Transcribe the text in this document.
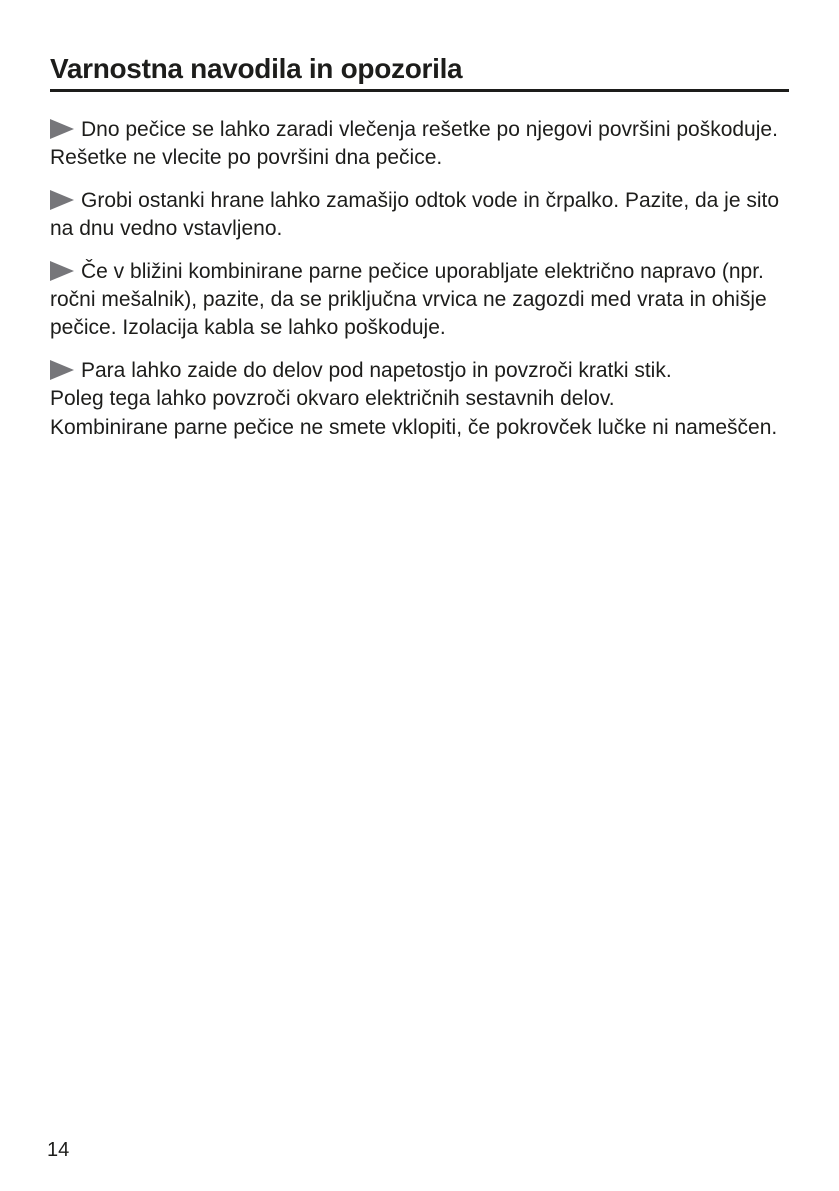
Varnostna navodila in opozorila

Dno pečice se lahko zaradi vlečenja rešetke po njegovi površini poškoduje.
Rešetke ne vlecite po površini dna pečice.

Grobi ostanki hrane lahko zamašijo odtok vode in črpalko. Pazite, da je sito na dnu vedno vstavljeno.

Če v bližini kombinirane parne pečice uporabljate električno napravo (npr. ročni mešalnik), pazite, da se priključna vrvica ne zagozdi med vrata in ohišje pečice. Izolacija kabla se lahko poškoduje.

Para lahko zaide do delov pod napetostjo in povzroči kratki stik.
Poleg tega lahko povzroči okvaro električnih sestavnih delov.
Kombinirane parne pečice ne smete vklopiti, če pokrovček lučke ni nameščen.

14
